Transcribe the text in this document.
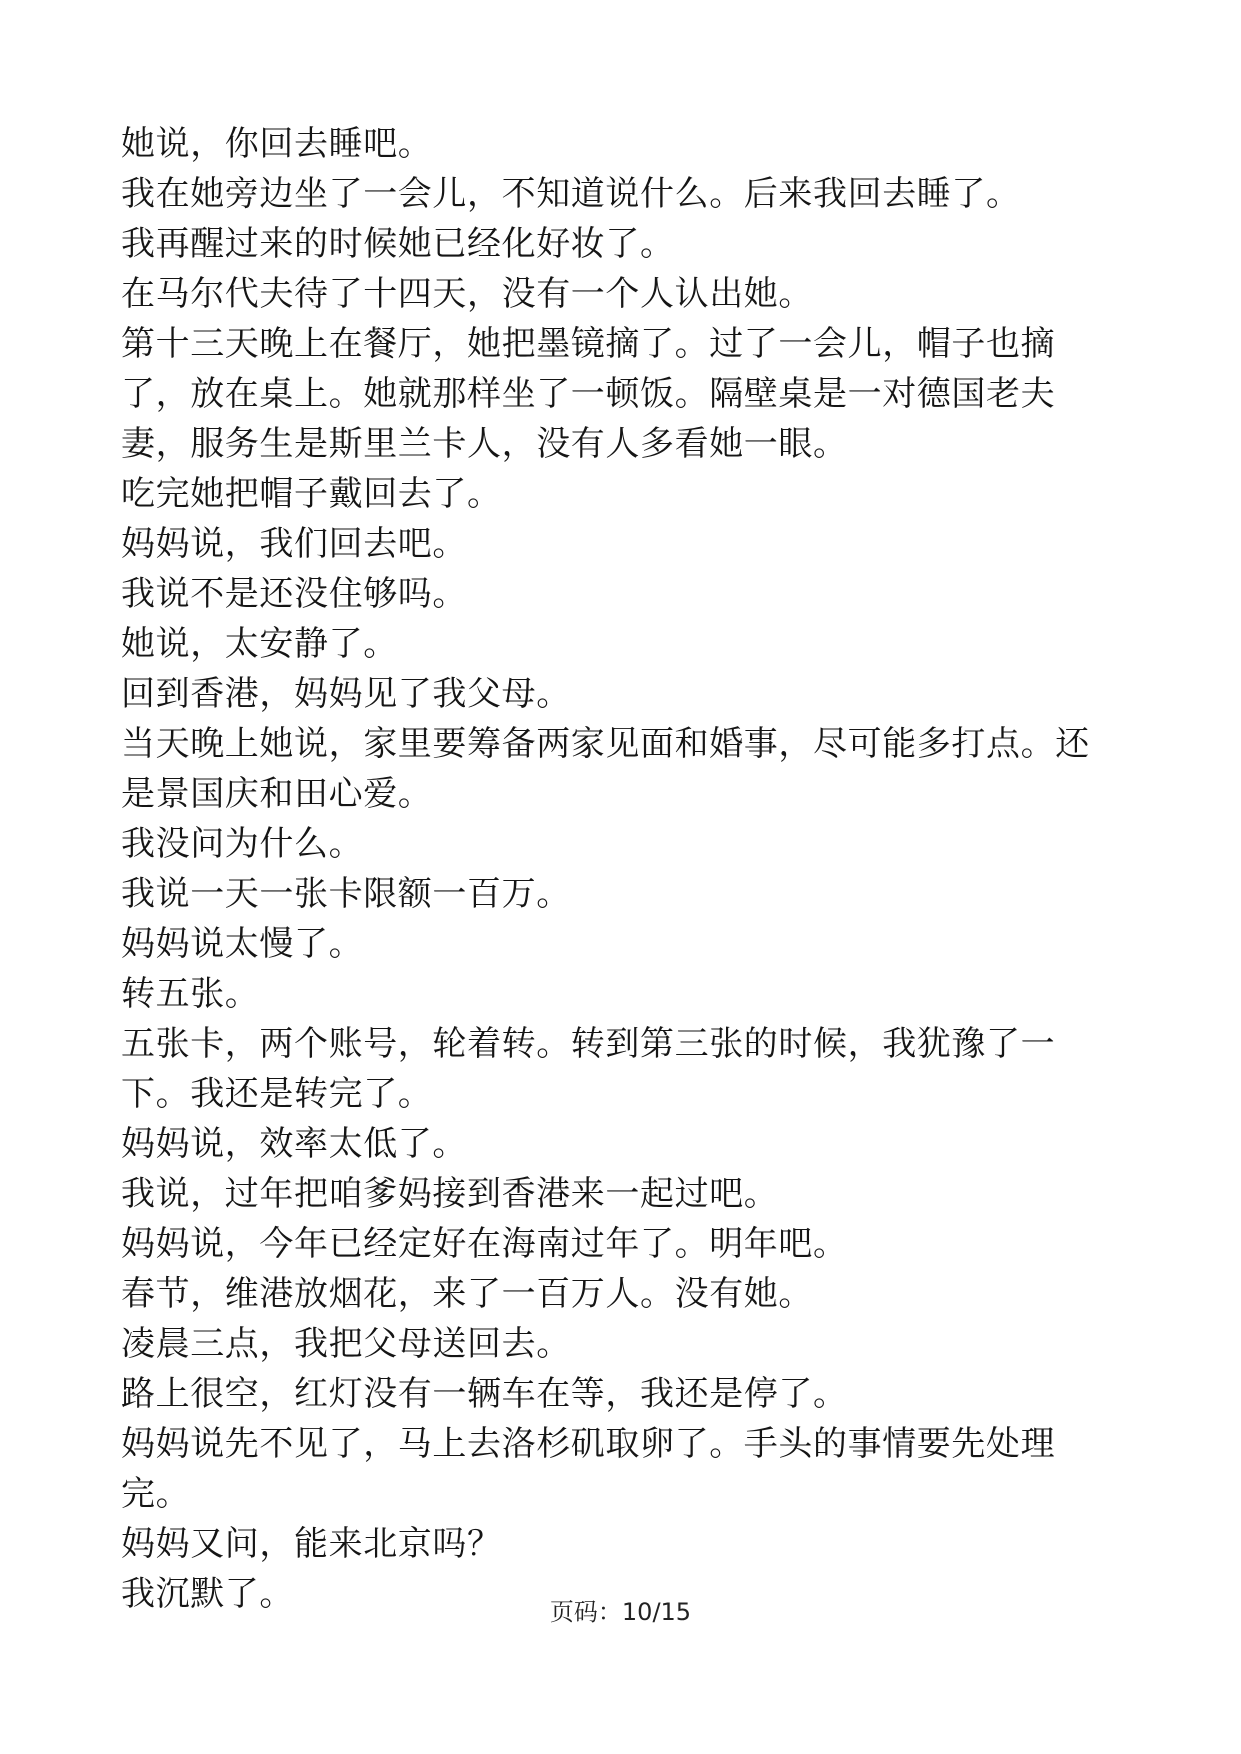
她说，你回去睡吧。

我在她旁边坐了一会儿，不知道说什么。后来我回去睡了。

我再醒过来的时候她已经化好妆了。

在马尔代夫待了十四天，没有一个人认出她。

第十三天晚上在餐厅，她把墨镜摘了。过了一会儿，帽子也摘
了，放在桌上。她就那样坐了一顿饭。隔壁桌是一对德国老夫
妻，服务生是斯里兰卡人，没有人多看她一眼。

吃完她把帽子戴回去了。

妈妈说，我们回去吧。

我说不是还没住够吗。

她说，太安静了。

回到香港，妈妈见了我父母。

当天晚上她说，家里要筹备两家见面和婚事，尽可能多打点。还
是景国庆和田心爱。

我没问为什么。

我说一天一张卡限额一百万。

妈妈说太慢了。

转五张。

五张卡，两个账号，轮着转。转到第三张的时候，我犹豫了一
下。我还是转完了。

妈妈说，效率太低了。

我说，过年把咱爹妈接到香港来一起过吧。

妈妈说，今年已经定好在海南过年了。明年吧。

春节，维港放烟花，来了一百万人。没有她。

凌晨三点，我把父母送回去。

路上很空，红灯没有一辆车在等，我还是停了。

妈妈说先不见了，马上去洛杉矶取卵了。手头的事情要先处理
完。

妈妈又问，能来北京吗？

我沉默了。	页码：10/15
